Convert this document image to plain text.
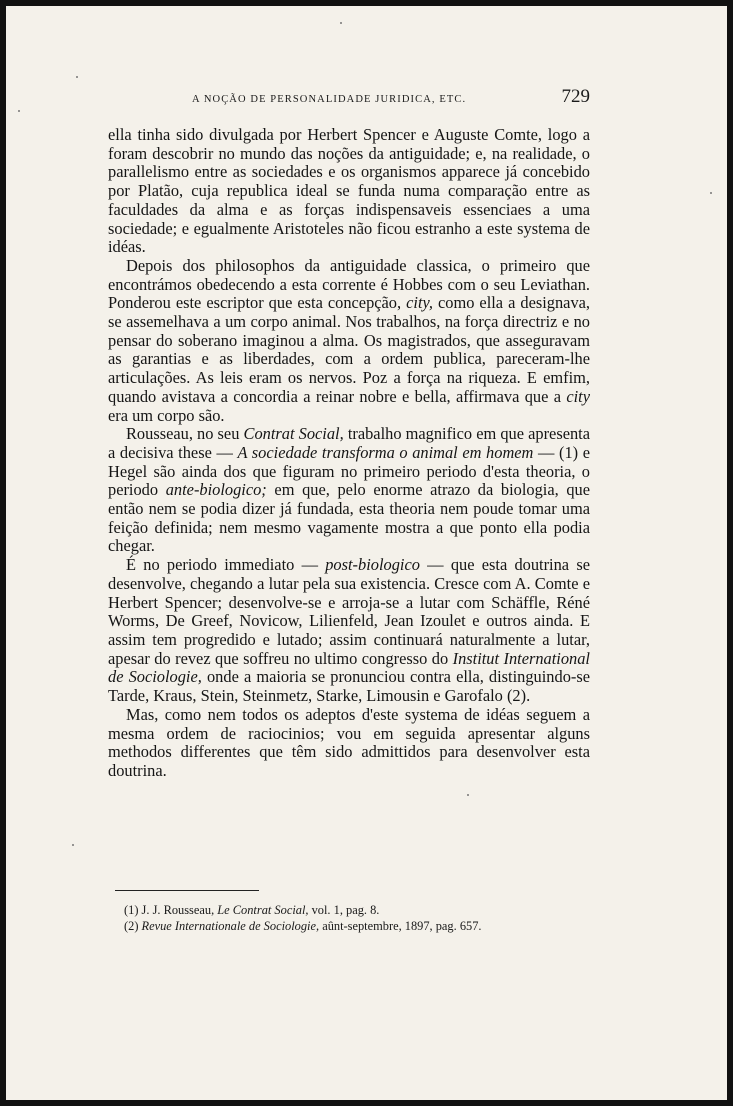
A NOÇÃO DE PERSONALIDADE JURIDICA, ETC.	729

ella tinha sido divulgada por Herbert Spencer e Auguste Comte, logo a foram descobrir no mundo das noções da antiguidade; e, na realidade, o parallelismo entre as sociedades e os organismos apparece já concebido por Platão, cuja republica ideal se funda numa comparação entre as faculdades da alma e as forças indispensaveis essenciaes a uma sociedade; e egualmente Aristoteles não ficou estranho a este systema de idéas.

Depois dos philosophos da antiguidade classica, o primeiro que encontrámos obedecendo a esta corrente é Hobbes com o seu Leviathan. Ponderou este escriptor que esta concepção, city, como ella a designava, se assemelhava a um corpo animal. Nos trabalhos, na força directriz e no pensar do soberano imaginou a alma. Os magistrados, que asseguravam as garantias e as liberdades, com a ordem publica, pareceram-lhe articulações. As leis eram os nervos. Poz a força na riqueza. E emfim, quando avistava a concordia a reinar nobre e bella, affirmava que a city era um corpo são.

Rousseau, no seu Contrat Social, trabalho magnifico em que apresenta a decisiva these — A sociedade transforma o animal em homem — (1) e Hegel são ainda dos que figuram no primeiro periodo d'esta theoria, o periodo ante-biologico; em que, pelo enorme atrazo da biologia, que então nem se podia dizer já fundada, esta theoria nem poude tomar uma feição definida; nem mesmo vagamente mostra a que ponto ella podia chegar.

É no periodo immediato — post-biologico — que esta doutrina se desenvolve, chegando a lutar pela sua existencia. Cresce com A. Comte e Herbert Spencer; desenvolve-se e arroja-se a lutar com Schäffle, Réné Worms, De Greef, Novicow, Lilienfeld, Jean Izoulet e outros ainda. E assim tem progredido e lutado; assim continuará naturalmente a lutar, apesar do revez que soffreu no ultimo congresso do Institut International de Sociologie, onde a maioria se pronunciou contra ella, distinguindo-se Tarde, Kraus, Stein, Steinmetz, Starke, Limousin e Garofalo (2).

Mas, como nem todos os adeptos d'este systema de idéas seguem a mesma ordem de raciocinios; vou em seguida apresentar alguns methodos differentes que têm sido admittidos para desenvolver esta doutrina.

(1) J. J. Rousseau, Le Contrat Social, vol. 1, pag. 8.
(2) Revue Internationale de Sociologie, aûnt-septembre, 1897, pag. 657.
